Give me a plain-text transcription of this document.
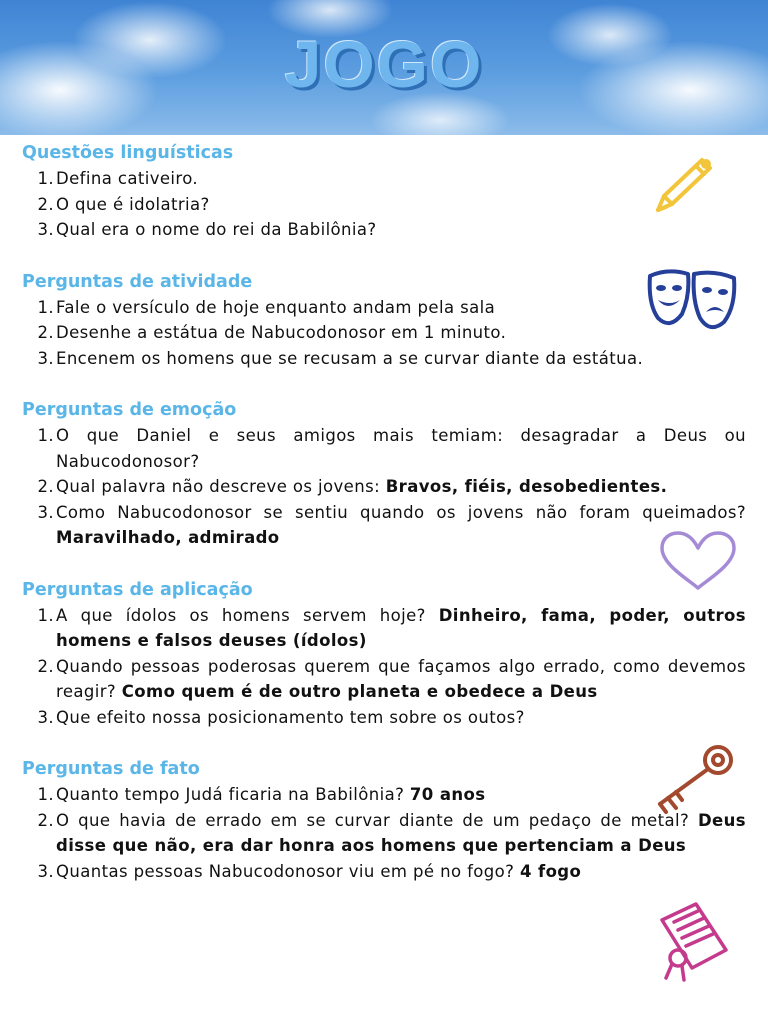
JOGO
Questões linguísticas
1. Defina cativeiro.
2. O que é idolatria?
3. Qual era o nome do rei da Babilônia?
Perguntas de atividade
1. Fale o versículo de hoje enquanto andam pela sala
2. Desenhe a estátua de Nabucodonosor em 1 minuto.
3. Encenem os homens que se recusam a se curvar diante da estátua.
Perguntas de emoção
1. O que Daniel e seus amigos mais temiam: desagradar a Deus ou Nabucodonosor?
2. Qual palavra não descreve os jovens: Bravos, fiéis, desobedientes.
3. Como Nabucodonosor se sentiu quando os jovens não foram queimados? Maravilhado, admirado
Perguntas de aplicação
1. A que ídolos os homens servem hoje? Dinheiro, fama, poder, outros homens e falsos deuses (ídolos)
2. Quando pessoas poderosas querem que façamos algo errado, como devemos reagir? Como quem é de outro planeta e obedece a Deus
3. Que efeito nossa posicionamento tem sobre os outos?
Perguntas de fato
1. Quanto tempo Judá ficaria na Babilônia? 70 anos
2. O que havia de errado em se curvar diante de um pedaço de metal? Deus disse que não, era dar honra aos homens que pertenciam a Deus
3. Quantas pessoas Nabucodonosor viu em pé no fogo? 4 fogo
